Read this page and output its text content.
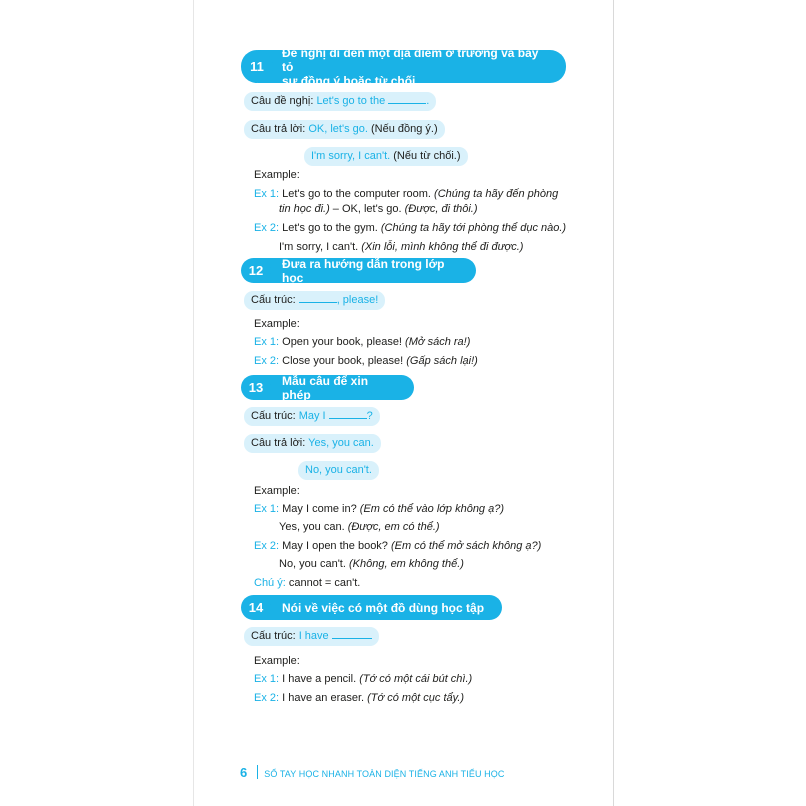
11
Đề nghị đi đến một địa điểm ở trường và bày tỏ
sự đồng ý hoặc từ chối
Câu đề nghị: Let's go to the	.
Câu trả lời: OK, let's go. (Nếu đồng ý.)
I'm sorry, I can't. (Nếu từ chối.)
Example:
Ex 1: Let's go to the computer room. (Chúng ta hãy đến phòng
tin học đi.) – OK, let's go. (Được, đi thôi.)
Ex 2: Let's go to the gym. (Chúng ta hãy tới phòng thể dục nào.)
I'm sorry, I can't. (Xin lỗi, mình không thể đi được.)
12	Đưa ra hướng dẫn trong lớp học
Cấu trúc:	, please!
Example:
Ex 1: Open your book, please! (Mở sách ra!)
Ex 2: Close your book, please! (Gấp sách lại!)
13	Mẫu câu để xin phép
Cấu trúc: May I	?
Câu trả lời: Yes, you can.
No, you can't.
Example:
Ex 1: May I come in? (Em có thể vào lớp không ạ?)
Yes, you can. (Được, em có thể.)
Ex 2: May I open the book? (Em có thể mở sách không ạ?)
No, you can't. (Không, em không thể.)
Chú ý: cannot = can't.
14	Nói về việc có một đồ dùng học tập
Cấu trúc: I have
Example:
Ex 1: I have a pencil. (Tớ có một cái bút chì.)
Ex 2: I have an eraser. (Tớ có một cục tẩy.)
6 SỔ TAY HỌC NHANH TOÀN DIỆN TIẾNG ANH TIỂU HỌC
